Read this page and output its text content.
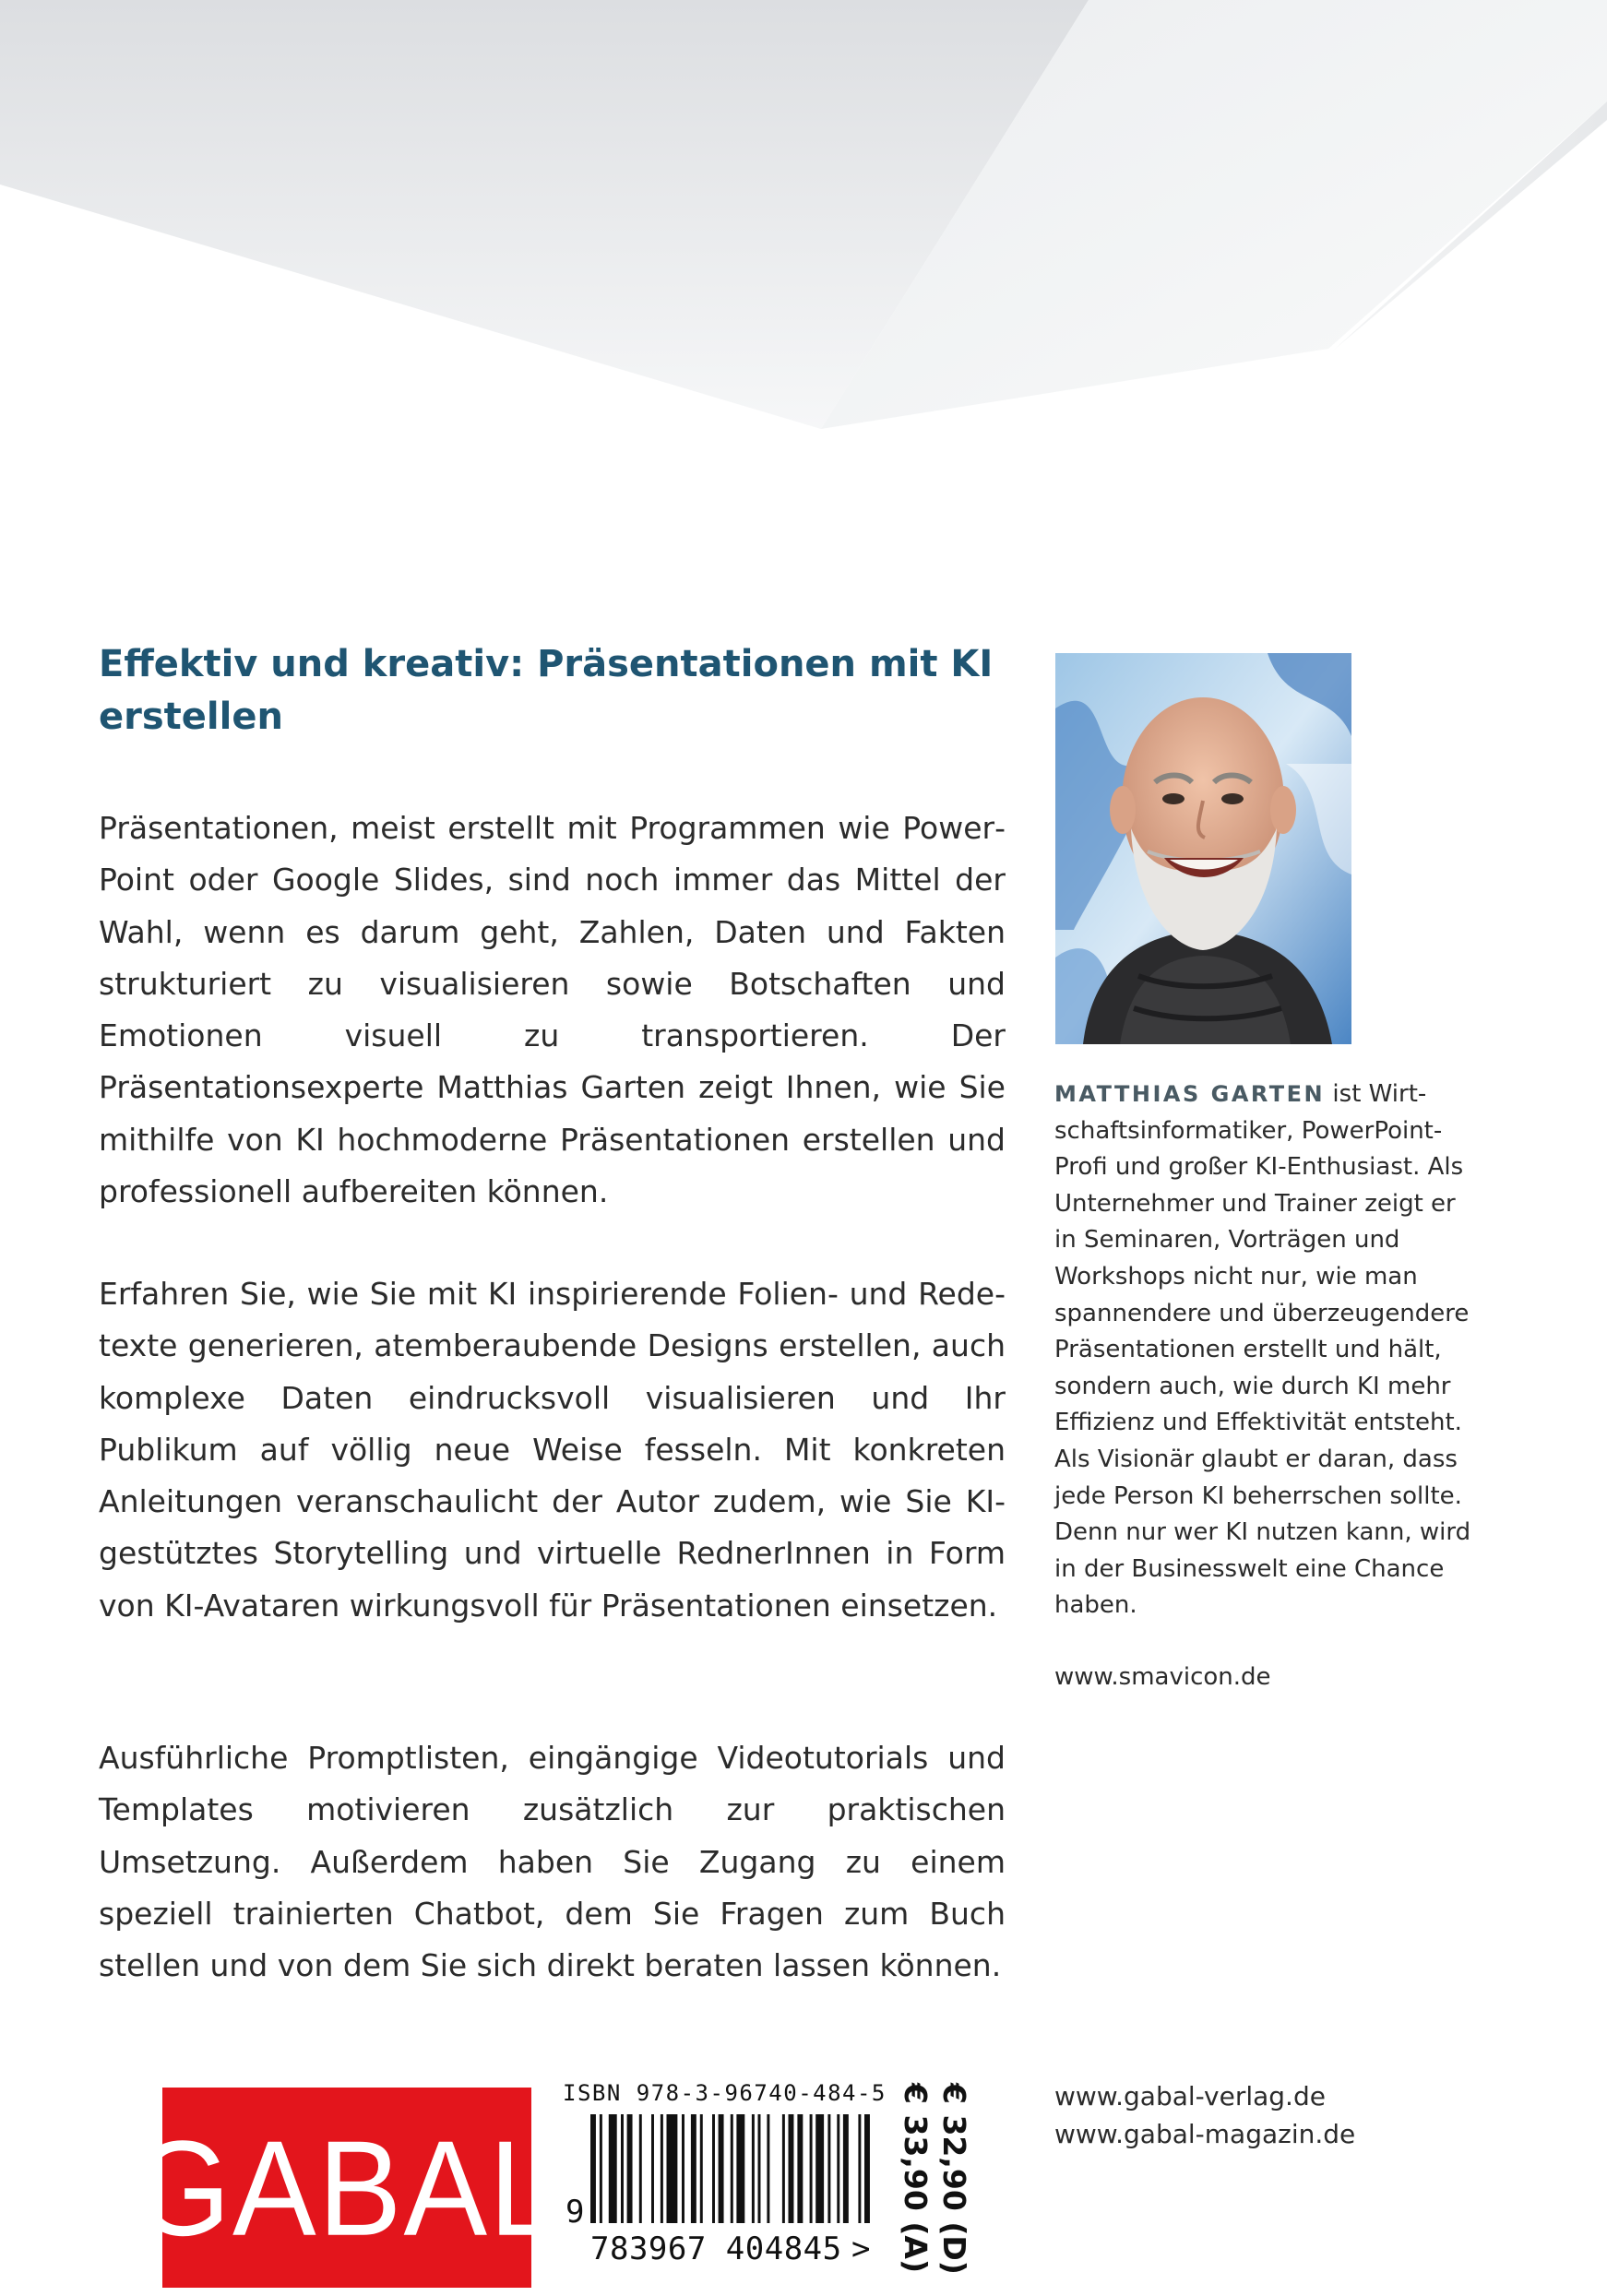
Effektiv und kreativ: Präsentationen mit KI erstellen

Präsentationen, meist erstellt mit Programmen wie PowerPoint oder Google Slides, sind noch immer das Mittel der Wahl, wenn es darum geht, Zahlen, Daten und Fakten strukturiert zu visualisieren sowie Botschaften und Emotionen visuell zu transportieren. Der Präsentationsexperte Matthias Garten zeigt Ihnen, wie Sie mithilfe von KI hochmoderne Präsentationen erstellen und professionell aufbereiten können.

Erfahren Sie, wie Sie mit KI inspirierende Folien- und Redetexte generieren, atemberaubende Designs erstellen, auch komplexe Daten eindrucksvoll visualisieren und Ihr Publikum auf völlig neue Weise fesseln. Mit konkreten Anleitungen veranschaulicht der Autor zudem, wie Sie KI-gestütztes Storytelling und virtuelle RednerInnen in Form von KI-Avataren wirkungsvoll für Präsentationen einsetzen.

Ausführliche Promptlisten, eingängige Videotutorials und Templates motivieren zusätzlich zur praktischen Umsetzung. Außerdem haben Sie Zugang zu einem speziell trainierten Chatbot, dem Sie Fragen zum Buch stellen und von dem Sie sich direkt beraten lassen können.

MATTHIAS GARTEN ist Wirtschaftsinformatiker, PowerPoint-Profi und großer KI-Enthusiast. Als Unternehmer und Trainer zeigt er in Seminaren, Vorträgen und Workshops nicht nur, wie man spannendere und überzeugendere Präsentationen erstellt und hält, sondern auch, wie durch KI mehr Effizienz und Effektivität entsteht. Als Visionär glaubt er daran, dass jede Person KI beherrschen sollte. Denn nur wer KI nutzen kann, wird in der Businesswelt eine Chance haben.

www.smavicon.de
GABAL
ISBN 978-3-96740-484-5
9
783967 404845 > € 32,90 (D)
€ 33,90 (A)	www.gabal-verlag.de
www.gabal-magazin.de
